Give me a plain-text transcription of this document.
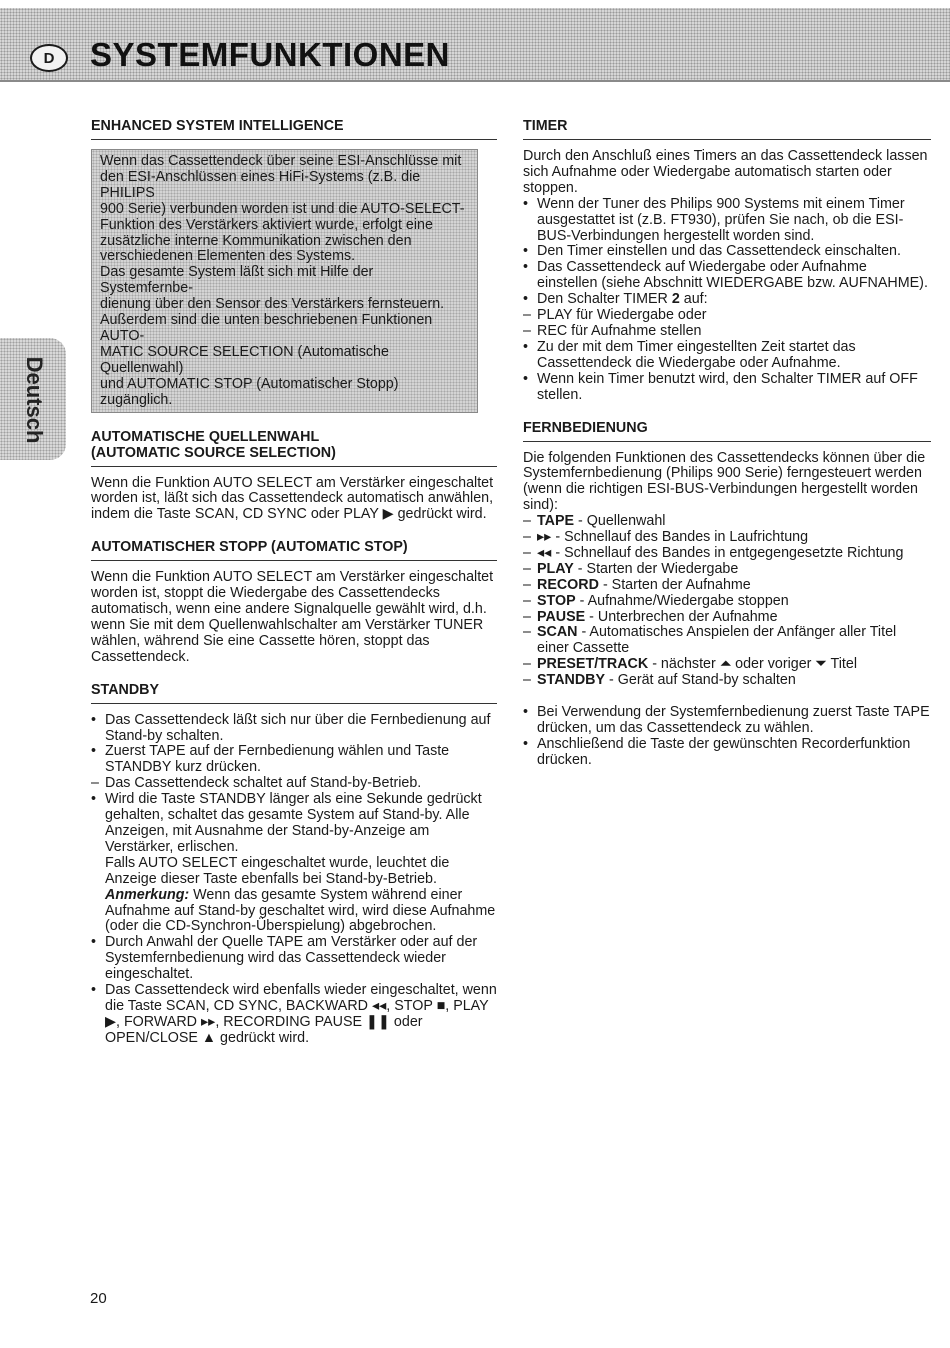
D	SYSTEMFUNKTIONEN
Deutsch
ENHANCED SYSTEM INTELLIGENCE
Wenn das Cassettendeck über seine ESI-Anschlüsse mit
den ESI-Anschlüssen eines HiFi-Systems (z.B. die PHILIPS
900 Serie) verbunden worden ist und die AUTO-SELECT-
Funktion des Verstärkers aktiviert wurde, erfolgt eine
zusätzliche interne Kommunikation zwischen den
verschiedenen Elementen des Systems.
Das gesamte System läßt sich mit Hilfe der Systemfernbe-
dienung über den Sensor des Verstärkers fernsteuern.
Außerdem sind die unten beschriebenen Funktionen AUTO-
MATIC SOURCE SELECTION (Automatische Quellenwahl)
und AUTOMATIC STOP (Automatischer Stopp) zugänglich.
AUTOMATISCHE QUELLENWAHL
(AUTOMATIC SOURCE SELECTION)

Wenn die Funktion AUTO SELECT am Verstärker eingeschaltet worden ist, läßt sich das Cassettendeck automatisch anwählen, indem die Taste SCAN, CD SYNC oder PLAY ▶ gedrückt wird.

AUTOMATISCHER STOPP (AUTOMATIC STOP)

Wenn die Funktion AUTO SELECT am Verstärker eingeschaltet worden ist, stoppt die Wiedergabe des Cassettendecks automatisch, wenn eine andere Signalquelle gewählt wird, d.h. wenn Sie mit dem Quellenwahlschalter am Verstärker TUNER wählen, während Sie eine Cassette hören, stoppt das Cassettendeck.

STANDBY
• Das Cassettendeck läßt sich nur über die Fernbedienung auf Stand-by schalten.
• Zuerst TAPE auf der Fernbedienung wählen und Taste STANDBY kurz drücken.
– Das Cassettendeck schaltet auf Stand-by-Betrieb.
• Wird die Taste STANDBY länger als eine Sekunde gedrückt gehalten, schaltet das gesamte System auf Stand-by. Alle Anzeigen, mit Ausnahme der Stand-by-Anzeige am Verstärker, erlischen.
Falls AUTO SELECT eingeschaltet wurde, leuchtet die Anzeige dieser Taste ebenfalls bei Stand-by-Betrieb.
Anmerkung: Wenn das gesamte System während einer Aufnahme auf Stand-by geschaltet wird, wird diese Aufnahme (oder die CD-Synchron-Überspielung) abgebrochen.
• Durch Anwahl der Quelle TAPE am Verstärker oder auf der Systemfernbedienung wird das Cassettendeck wieder eingeschaltet.
• Das Cassettendeck wird ebenfalls wieder eingeschaltet, wenn die Taste SCAN, CD SYNC, BACKWARD ◂◂, STOP ■, PLAY ▶, FORWARD ▸▸, RECORDING PAUSE ❚❚ oder OPEN/CLOSE ▲ gedrückt wird.
TIMER

Durch den Anschluß eines Timers an das Cassettendeck lassen sich Aufnahme oder Wiedergabe automatisch starten oder stoppen.

• Wenn der Tuner des Philips 900 Systems mit einem Timer ausgestattet ist (z.B. FT930), prüfen Sie nach, ob die ESI-BUS-Verbindungen hergestellt worden sind.
• Den Timer einstellen und das Cassettendeck einschalten.
• Das Cassettendeck auf Wiedergabe oder Aufnahme einstellen (siehe Abschnitt WIEDERGABE bzw. AUFNAHME).
• Den Schalter TIMER 2 auf:
– PLAY für Wiedergabe oder
– REC für Aufnahme stellen
• Zu der mit dem Timer eingestellten Zeit startet das Cassettendeck die Wiedergabe oder Aufnahme.
• Wenn kein Timer benutzt wird, den Schalter TIMER auf OFF stellen.
FERNBEDIENUNG

Die folgenden Funktionen des Cassettendecks können über die Systemfernbedienung (Philips 900 Serie) ferngesteuert werden (wenn die richtigen ESI-BUS-Verbindungen hergestellt worden sind):

– TAPE - Quellenwahl
– ▸▸ - Schnellauf des Bandes in Laufrichtung
– ◂◂ - Schnellauf des Bandes in entgegengesetzte Richtung
– PLAY - Starten der Wiedergabe
– RECORD - Starten der Aufnahme
– STOP - Aufnahme/Wiedergabe stoppen
– PAUSE - Unterbrechen der Aufnahme
– SCAN - Automatisches Anspielen der Anfänger aller Titel einer Cassette
– PRESET/TRACK - nächster ⏶ oder voriger ⏷ Titel
– STANDBY - Gerät auf Stand-by schalten
• Bei Verwendung der Systemfernbedienung zuerst Taste TAPE drücken, um das Cassettendeck zu wählen.
• Anschließend die Taste der gewünschten Recorderfunktion drücken.
20
